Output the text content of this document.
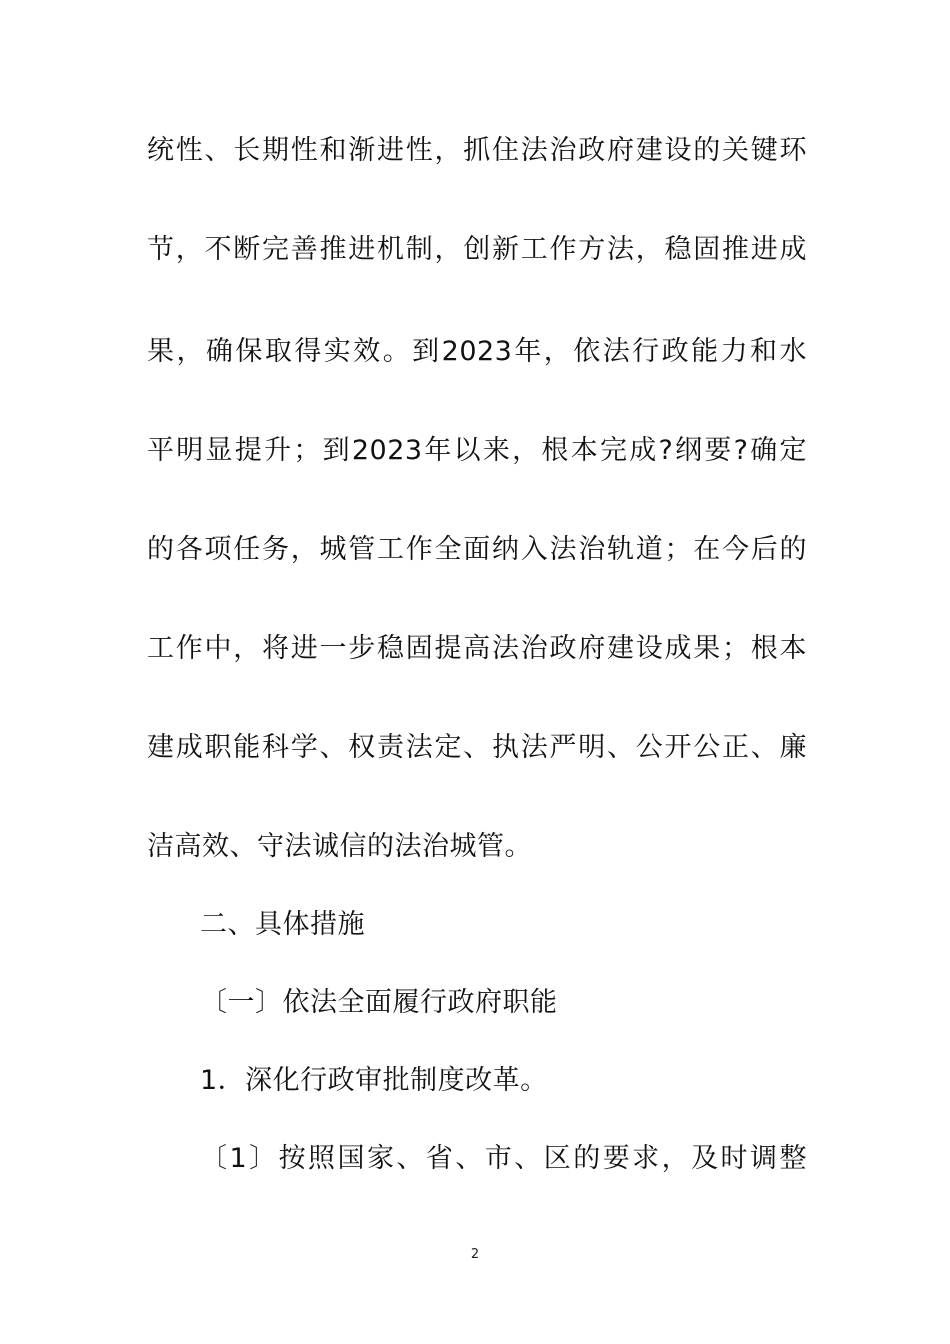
统性、长期性和渐进性，抓住法治政府建设的关键环
节，不断完善推进机制，创新工作方法，稳固推进成
果，确保取得实效。到2023年，依法行政能力和水
平明显提升；到2023年以来，根本完成?纲要?确定
的各项任务，城管工作全面纳入法治轨道；在今后的
工作中，将进一步稳固提高法治政府建设成果；根本
建成职能科学、权责法定、执法严明、公开公正、廉
洁高效、守法诚信的法治城管。
二、具体措施
〔一〕依法全面履行政府职能
1．深化行政审批制度改革。
〔1〕按照国家、省、市、区的要求，及时调整
2
